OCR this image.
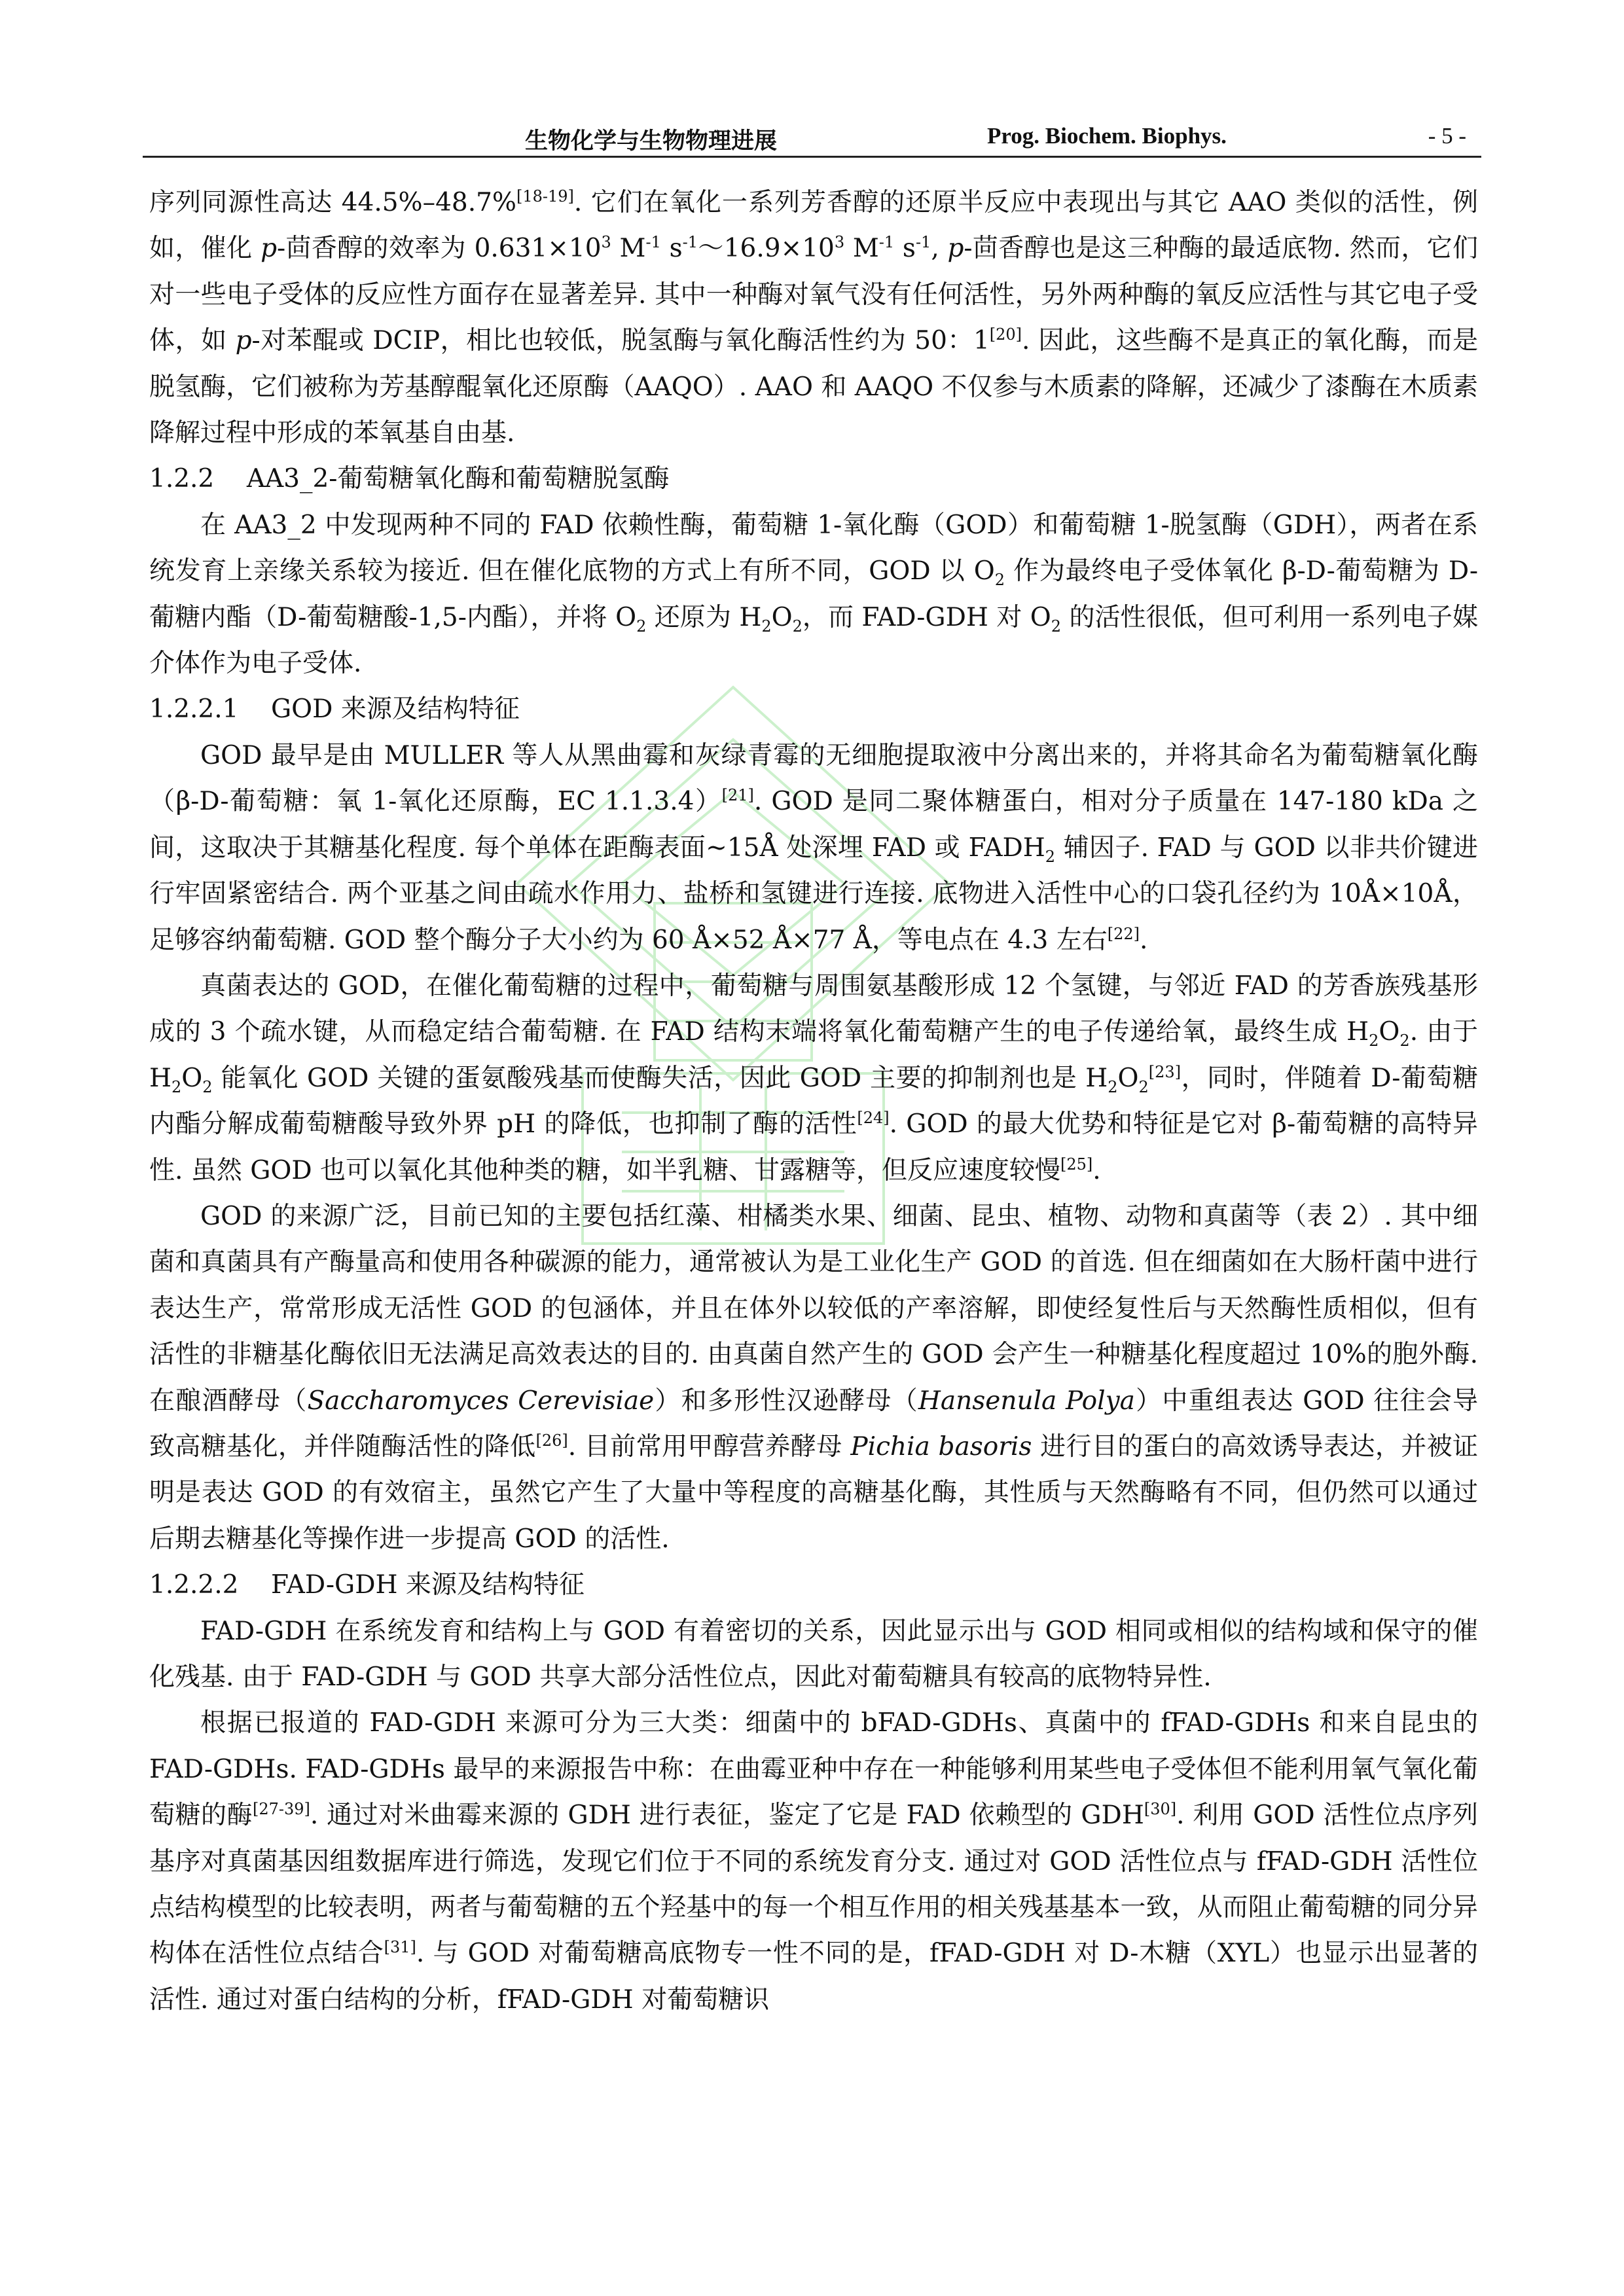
生物化学与生物物理进展	Prog. Biochem. Biophys.	- 5 -

序列同源性高达 44.5%–48.7%[18-19]. 它们在氧化一系列芳香醇的还原半反应中表现出与其它 AAO 类似的活性，例如，催化 p-茴香醇的效率为 $0.631\times 10^3$ $M^{-1}$ $s^{-1}\sim 16.9\times 10^3$ $M^{-1}$ $s^{-1}$, p-茴香醇也是这三种酶的最适底物. 然而，它们对一些电子受体的反应性方面存在显著差异. 其中一种酶对氧气没有任何活性，另外两种酶的氧反应活性与其它电子受体，如 p-对苯醌或 DCIP，相比也较低，脱氢酶与氧化酶活性约为 50：1[20]. 因此，这些酶不是真正的氧化酶，而是脱氢酶，它们被称为芳基醇醌氧化还原酶（AAQO）. AAO 和 AAQO 不仅参与木质素的降解，还减少了漆酶在木质素降解过程中形成的苯氧基自由基.

1.2.2    AA3_2-葡萄糖氧化酶和葡萄糖脱氢酶

在 AA3_2 中发现两种不同的 FAD 依赖性酶，葡萄糖 1-氧化酶（GOD）和葡萄糖 1-脱氢酶（GDH），两者在系统发育上亲缘关系较为接近. 但在催化底物的方式上有所不同，GOD 以 $O_2$ 作为最终电子受体氧化 β-D-葡萄糖为 D-葡糖内酯（D-葡萄糖酸-1,5-内酯），并将 $O_2$ 还原为 $H_2O_2$，而 FAD-GDH 对 $O_2$ 的活性很低，但可利用一系列电子媒介体作为电子受体.

1.2.2.1    GOD 来源及结构特征

GOD 最早是由 MULLER 等人从黑曲霉和灰绿青霉的无细胞提取液中分离出来的，并将其命名为葡萄糖氧化酶（β-D-葡萄糖：氧 1-氧化还原酶，EC 1.1.3.4）[21]. GOD 是同二聚体糖蛋白，相对分子质量在 147-180 kDa 之间，这取决于其糖基化程度. 每个单体在距酶表面~15Å 处深埋 FAD 或 $FADH_2$ 辅因子. FAD 与 GOD 以非共价键进行牢固紧密结合. 两个亚基之间由疏水作用力、盐桥和氢键进行连接. 底物进入活性中心的口袋孔径约为 10Å×10Å，足够容纳葡萄糖. GOD 整个酶分子大小约为 60 Å×52 Å×77 Å，等电点在 4.3 左右[22].

真菌表达的 GOD，在催化葡萄糖的过程中，葡萄糖与周围氨基酸形成 12 个氢键，与邻近 FAD 的芳香族残基形成的 3 个疏水键，从而稳定结合葡萄糖. 在 FAD 结构末端将氧化葡萄糖产生的电子传递给氧，最终生成 $H_2O_2$. 由于 $H_2O_2$ 能氧化 GOD 关键的蛋氨酸残基而使酶失活，因此 GOD 主要的抑制剂也是 $H_2O_2[23]$，同时，伴随着 D-葡萄糖内酯分解成葡萄糖酸导致外界 pH 的降低，也抑制了酶的活性[24]. GOD 的最大优势和特征是它对 β-葡萄糖的高特异性. 虽然 GOD 也可以氧化其他种类的糖，如半乳糖、甘露糖等，但反应速度较慢[25].

GOD 的来源广泛，目前已知的主要包括红藻、柑橘类水果、细菌、昆虫、植物、动物和真菌等（表 2）. 其中细菌和真菌具有产酶量高和使用各种碳源的能力，通常被认为是工业化生产 GOD 的首选. 但在细菌如在大肠杆菌中进行表达生产，常常形成无活性 GOD 的包涵体，并且在体外以较低的产率溶解，即使经复性后与天然酶性质相似，但有活性的非糖基化酶依旧无法满足高效表达的目的. 由真菌自然产生的 GOD 会产生一种糖基化程度超过 10%的胞外酶. 在酿酒酵母（Saccharomyces Cerevisiae）和多形性汉逊酵母（Hansenula Polya）中重组表达 GOD 往往会导致高糖基化，并伴随酶活性的降低[26]. 目前常用甲醇营养酵母 Pichia basoris 进行目的蛋白的高效诱导表达，并被证明是表达 GOD 的有效宿主，虽然它产生了大量中等程度的高糖基化酶，其性质与天然酶略有不同，但仍然可以通过后期去糖基化等操作进一步提高 GOD 的活性.

1.2.2.2    FAD-GDH 来源及结构特征

FAD-GDH 在系统发育和结构上与 GOD 有着密切的关系，因此显示出与 GOD 相同或相似的结构域和保守的催化残基. 由于 FAD-GDH 与 GOD 共享大部分活性位点，因此对葡萄糖具有较高的底物特异性.

根据已报道的 FAD-GDH 来源可分为三大类：细菌中的 bFAD-GDHs、真菌中的 fFAD-GDHs 和来自昆虫的 FAD-GDHs. FAD-GDHs 最早的来源报告中称：在曲霉亚种中存在一种能够利用某些电子受体但不能利用氧气氧化葡萄糖的酶[27-39]. 通过对米曲霉来源的 GDH 进行表征，鉴定了它是 FAD 依赖型的 GDH[30]. 利用 GOD 活性位点序列基序对真菌基因组数据库进行筛选，发现它们位于不同的系统发育分支. 通过对 GOD 活性位点与 fFAD-GDH 活性位点结构模型的比较表明，两者与葡萄糖的五个羟基中的每一个相互作用的相关残基基本一致，从而阻止葡萄糖的同分异构体在活性位点结合[31]. 与 GOD 对葡萄糖高底物专一性不同的是，fFAD-GDH 对 D-木糖（XYL）也显示出显著的活性. 通过对蛋白结构的分析，fFAD-GDH 对葡萄糖识
